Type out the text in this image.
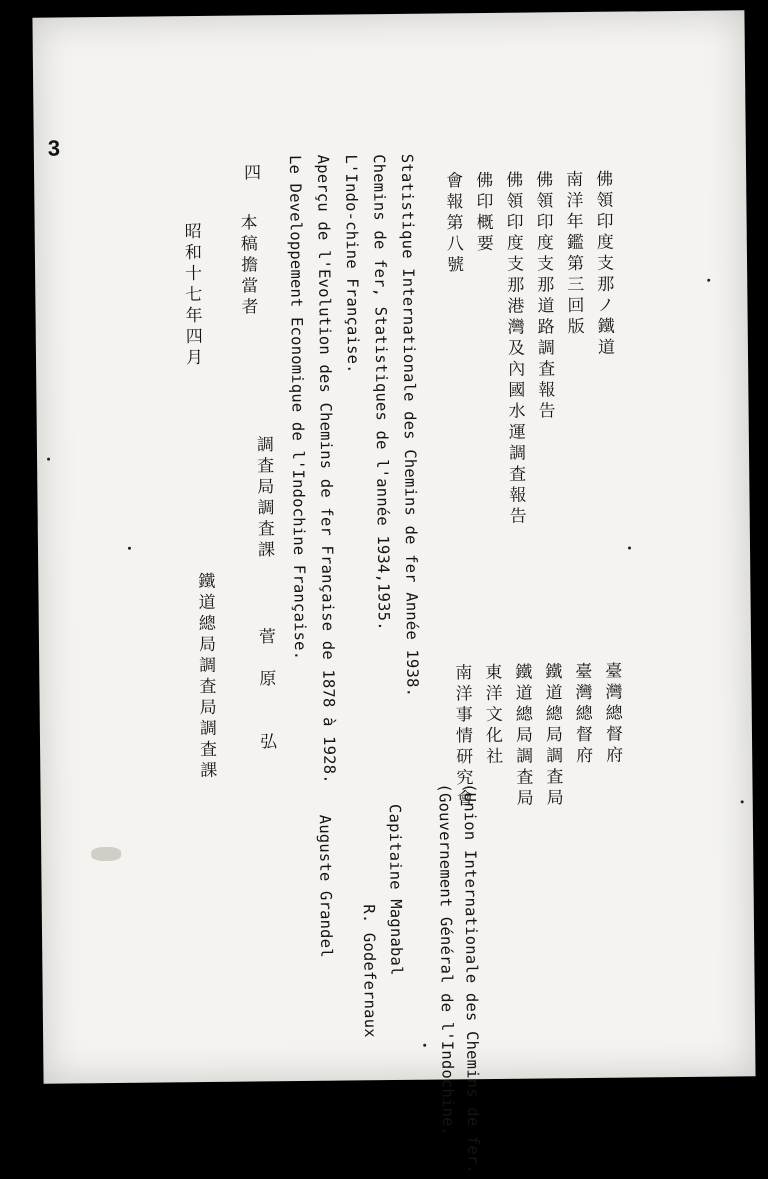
3
佛領印度支那ノ鐵道
南洋年鑑第三回版
佛領印度支那道路調査報告
佛領印度支那港灣及內國水運調査報告
佛印概要
會報第八號
臺灣總督府
臺灣總督府
鐵道總局調査局
鐵道總局調査局
東洋文化社
南洋事情研究會
(Union Internationale des Chemins de fer.
(Gouvernement Général de l'Indochine.
Capitaine Magnabal
R. Godefernaux
Auguste Grandel
Statistique Internationale des Chemins de fer Année 1938.
Chemins de fer, Statistiques de l'année 1934,1935.
L'Indo-chine Française.
Aperçu de l'Evolution des Chemins de fer Française de 1878 à 1928.
Le Developpement Economique de l'Indochine Française.
四
本稿擔當者
調査局調査課
菅　原　　弘
昭和十七年四月
鐵道總局調査局調査課
